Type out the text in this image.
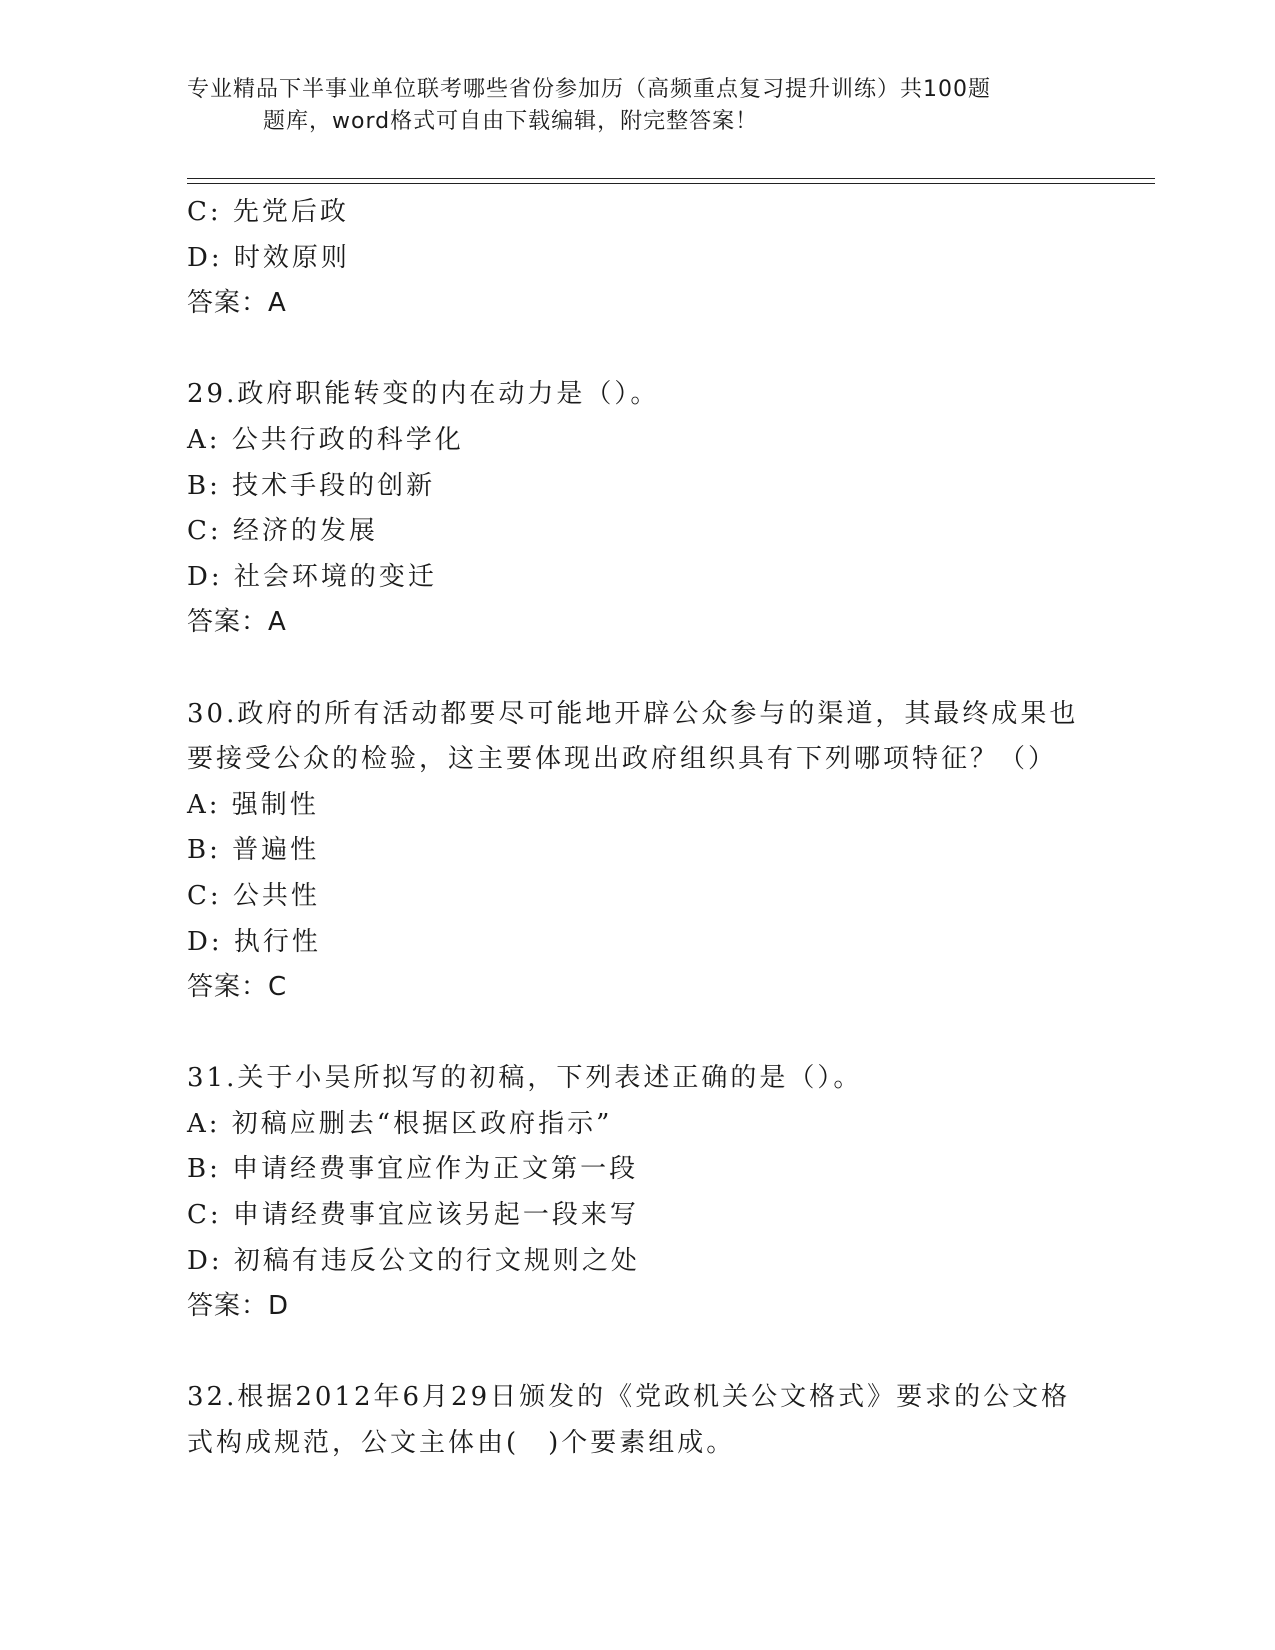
专业精品下半事业单位联考哪些省份参加历（高频重点复习提升训练）共100题
题库，word格式可自由下载编辑，附完整答案！
C: 先党后政
D: 时效原则
答案：A
29.政府职能转变的内在动力是（）。
A: 公共行政的科学化
B: 技术手段的创新
C: 经济的发展
D: 社会环境的变迁
答案：A
30.政府的所有活动都要尽可能地开辟公众参与的渠道，其最终成果也
要接受公众的检验，这主要体现出政府组织具有下列哪项特征？（）
A: 强制性
B: 普遍性
C: 公共性
D: 执行性
答案：C
31.关于小吴所拟写的初稿，下列表述正确的是（）。
A: 初稿应删去“根据区政府指示”
B: 申请经费事宜应作为正文第一段
C: 申请经费事宜应该另起一段来写
D: 初稿有违反公文的行文规则之处
答案：D
32.根据2012年6月29日颁发的《党政机关公文格式》要求的公文格
式构成规范，公文主体由(　)个要素组成。
